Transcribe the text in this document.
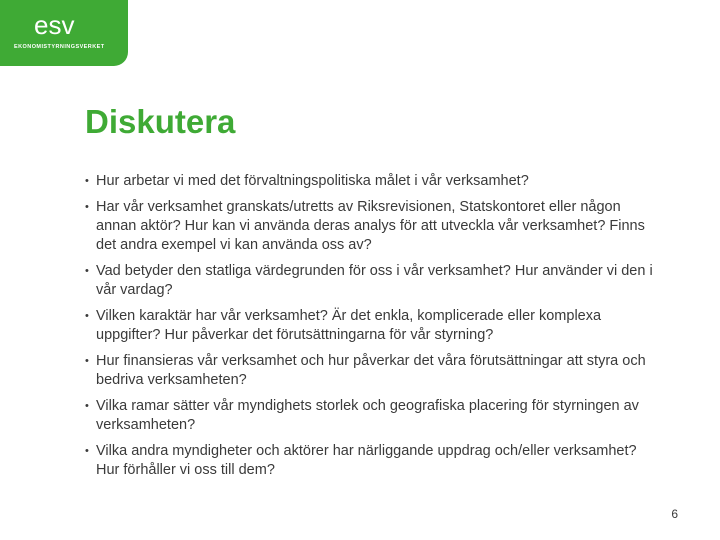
esv
EKONOMISTYRNINGSVERKET
Diskutera
• Hur arbetar vi med det förvaltningspolitiska målet i vår verksamhet?
• Har vår verksamhet granskats/utretts av Riksrevisionen, Statskontoret eller någon annan aktör? Hur kan vi använda deras analys för att utveckla vår verksamhet? Finns det andra exempel vi kan använda oss av?
• Vad betyder den statliga värdegrunden för oss i vår verksamhet? Hur använder vi den i vår vardag?
• Vilken karaktär har vår verksamhet? Är det enkla, komplicerade eller komplexa uppgifter? Hur påverkar det förutsättningarna för vår styrning?
• Hur finansieras vår verksamhet och hur påverkar det våra förutsättningar att styra och bedriva verksamheten?
• Vilka ramar sätter vår myndighets storlek och geografiska placering för styrningen av verksamheten?
• Vilka andra myndigheter och aktörer har närliggande uppdrag och/eller verksamhet? Hur förhåller vi oss till dem?
6
